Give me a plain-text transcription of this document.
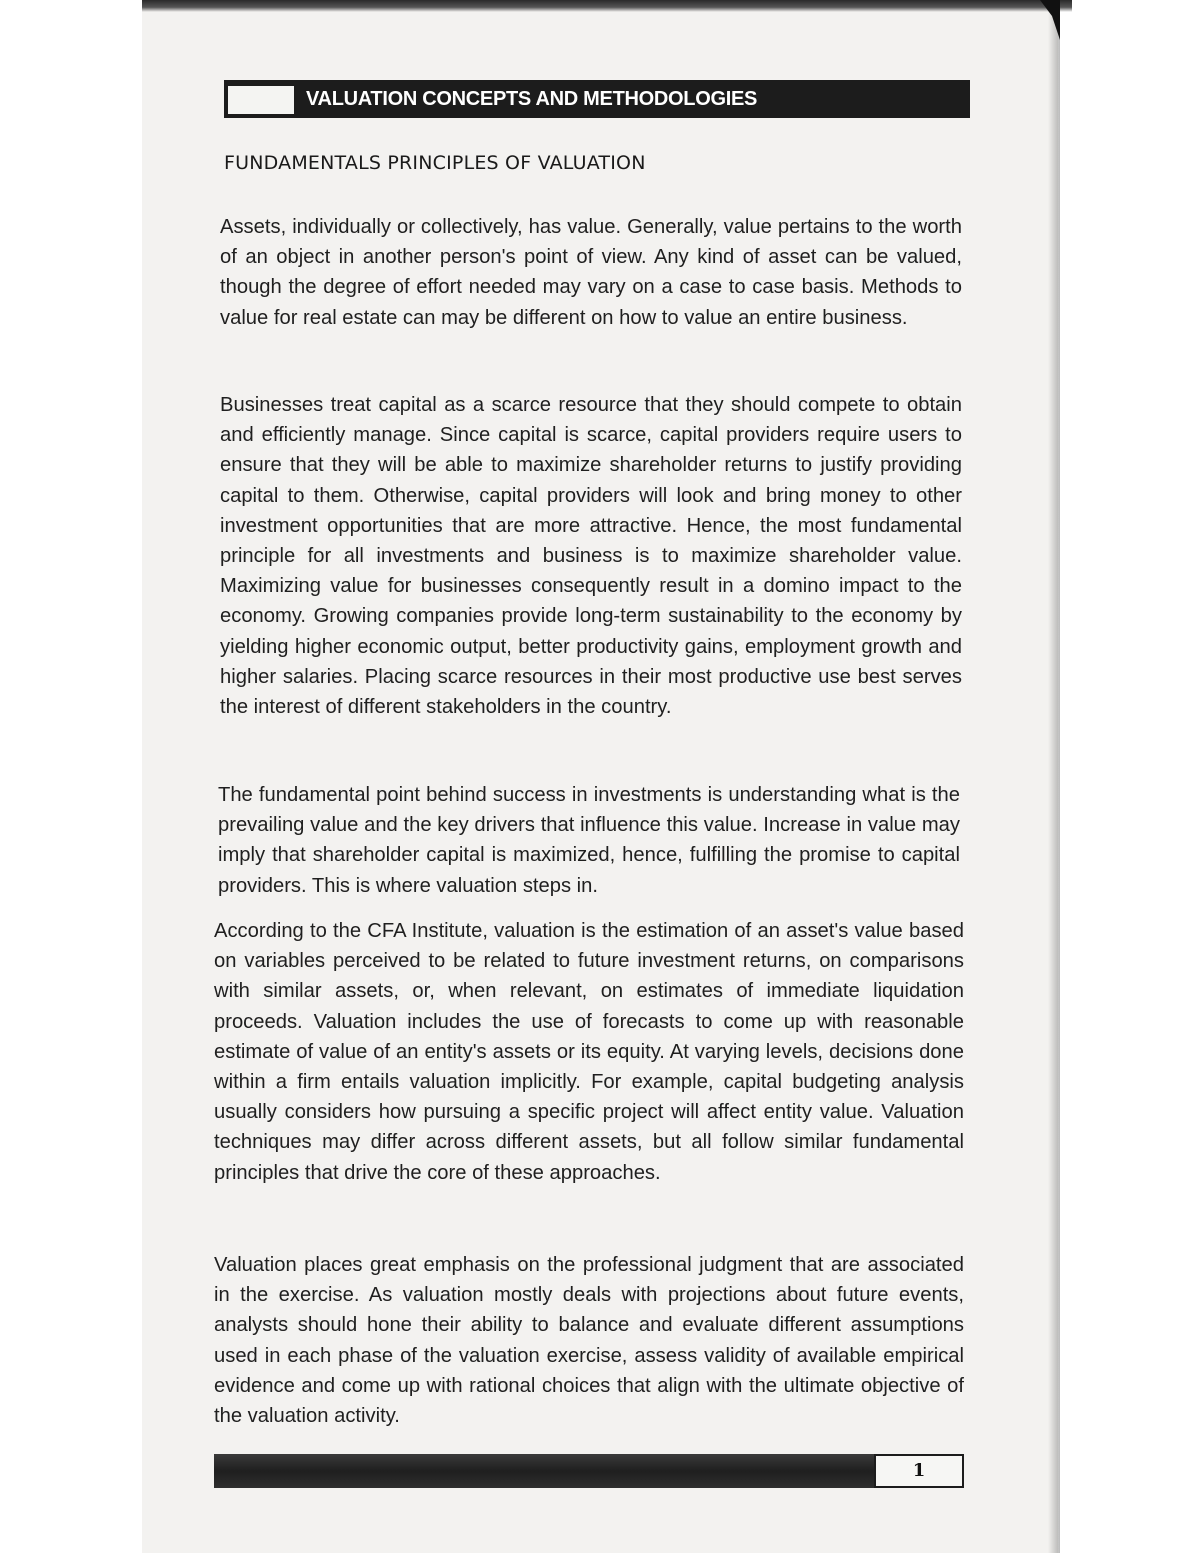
VALUATION CONCEPTS AND METHODOLOGIES
FUNDAMENTALS PRINCIPLES OF VALUATION

Assets, individually or collectively, has value. Generally, value pertains to the worth of an object in another person's point of view. Any kind of asset can be valued, though the degree of effort needed may vary on a case to case basis. Methods to value for real estate can may be different on how to value an entire business.

Businesses treat capital as a scarce resource that they should compete to obtain and efficiently manage. Since capital is scarce, capital providers require users to ensure that they will be able to maximize shareholder returns to justify providing capital to them. Otherwise, capital providers will look and bring money to other investment opportunities that are more attractive. Hence, the most fundamental principle for all investments and business is to maximize shareholder value. Maximizing value for businesses consequently result in a domino impact to the economy. Growing companies provide long-term sustainability to the economy by yielding higher economic output, better productivity gains, employment growth and higher salaries. Placing scarce resources in their most productive use best serves the interest of different stakeholders in the country.

The fundamental point behind success in investments is understanding what is the prevailing value and the key drivers that influence this value. Increase in value may imply that shareholder capital is maximized, hence, fulfilling the promise to capital providers. This is where valuation steps in.

According to the CFA Institute, valuation is the estimation of an asset's value based on variables perceived to be related to future investment returns, on comparisons with similar assets, or, when relevant, on estimates of immediate liquidation proceeds. Valuation includes the use of forecasts to come up with reasonable estimate of value of an entity's assets or its equity. At varying levels, decisions done within a firm entails valuation implicitly. For example, capital budgeting analysis usually considers how pursuing a specific project will affect entity value. Valuation techniques may differ across different assets, but all follow similar fundamental principles that drive the core of these approaches.

Valuation places great emphasis on the professional judgment that are associated in the exercise. As valuation mostly deals with projections about future events, analysts should hone their ability to balance and evaluate different assumptions used in each phase of the valuation exercise, assess validity of available empirical evidence and come up with rational choices that align with the ultimate objective of the valuation activity.

1
